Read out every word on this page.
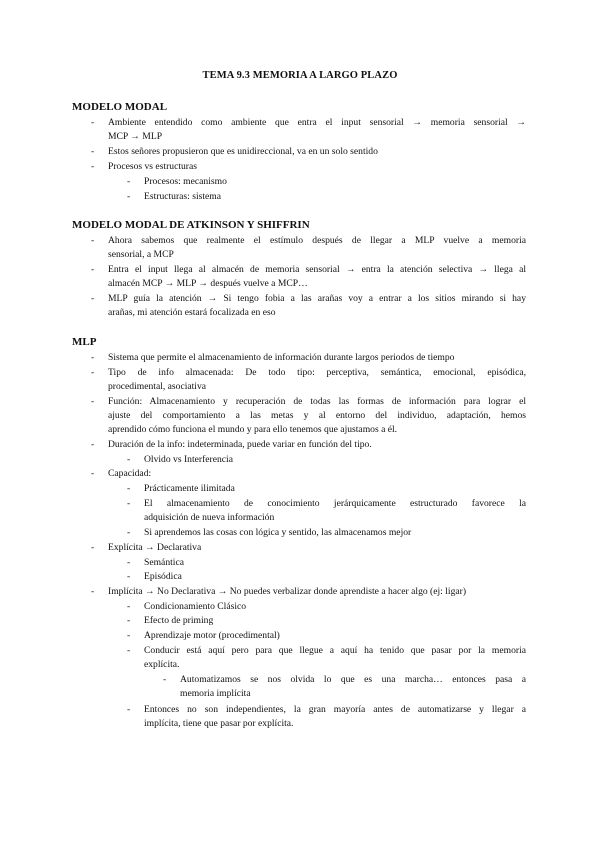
TEMA 9.3 MEMORIA A LARGO PLAZO
MODELO MODAL
- Ambiente entendido como ambiente que entra el input sensorial → memoria sensorial →
MCP → MLP
- Estos señores propusieron que es unidireccional, va en un solo sentido
- Procesos vs estructuras
- Procesos: mecanismo
- Estructuras: sistema
MODELO MODAL DE ATKINSON Y SHIFFRIN
- Ahora sabemos que realmente el estímulo después de llegar a MLP vuelve a memoria
sensorial, a MCP
- Entra el input llega al almacén de memoria sensorial → entra la atención selectiva → llega al
almacén MCP → MLP → después vuelve a MCP…
- MLP guía la atención → Si tengo fobia a las arañas voy a entrar a los sitios mirando si hay
arañas, mi atención estará focalizada en eso
MLP
- Sistema que permite el almacenamiento de información durante largos periodos de tiempo
- Tipo de info almacenada: De todo tipo: perceptiva, semántica, emocional, episódica,
procedimental, asociativa
- Función: Almacenamiento y recuperación de todas las formas de información para lograr el
ajuste del comportamiento a las metas y al entorno del individuo, adaptación, hemos
aprendido cómo funciona el mundo y para ello tenemos que ajustamos a él.
- Duración de la info: indeterminada, puede variar en función del tipo.
- Olvido vs Interferencia
- Capacidad:
- Prácticamente ilimitada
- El almacenamiento de conocimiento jerárquicamente estructurado favorece la
adquisición de nueva información
- Si aprendemos las cosas con lógica y sentido, las almacenamos mejor
- Explícita → Declarativa
- Semántica
- Episódica
- Implícita → No Declarativa → No puedes verbalizar donde aprendiste a hacer algo (ej: ligar)
- Condicionamiento Clásico
- Efecto de priming
- Aprendizaje motor (procedimental)
- Conducir está aquí pero para que llegue a aquí ha tenido que pasar por la memoria
explícita.
- Automatizamos se nos olvida lo que es una marcha… entonces pasa a
memoria implícita
- Entonces no son independientes, la gran mayoría antes de automatizarse y llegar a
implícita, tiene que pasar por explícita.
